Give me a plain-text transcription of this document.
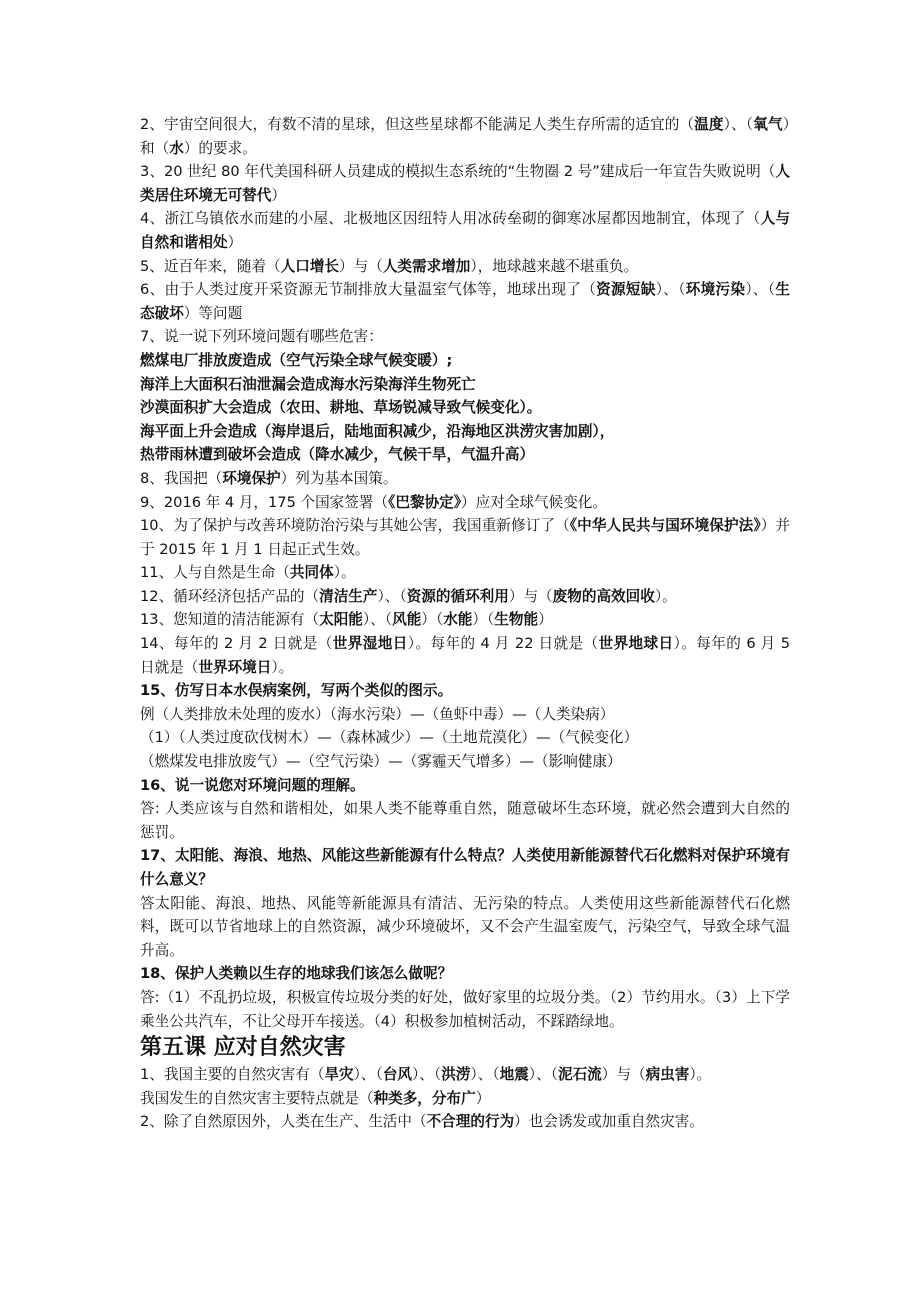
2、宇宙空间很大，有数不清的星球，但这些星球都不能满足人类生存所需的适宜的（温度）、（氧气）和（水）的要求。

3、20 世纪 80 年代美国科研人员建成的模拟生态系统的“生物圈 2 号”建成后一年宣告失败说明（人类居住环境无可替代）

4、浙江乌镇依水而建的小屋、北极地区因纽特人用冰砖垒砌的御寒冰屋都因地制宜，体现了（人与自然和谐相处）

5、近百年来，随着（人口增长）与（人类需求增加），地球越来越不堪重负。

6、由于人类过度开采资源无节制排放大量温室气体等，地球出现了（资源短缺）、（环境污染）、（生态破坏）等问题

7、说一说下列环境问题有哪些危害：

燃煤电厂排放废造成（空气污染全球气候变暖）;

海洋上大面积石油泄漏会造成海水污染海洋生物死亡

沙漠面积扩大会造成（农田、耕地、草场锐减导致气候变化）。

海平面上升会造成（海岸退后，陆地面积减少，沿海地区洪涝灾害加剧），

热带雨林遭到破坏会造成（降水减少，气候干旱，气温升高）

8、我国把（环境保护）列为基本国策。

9、2016 年 4 月，175 个国家签署（《巴黎协定》）应对全球气候变化。

10、为了保护与改善环境防治污染与其她公害，我国重新修订了（《中华人民共与国环境保护法》）并于 2015 年 1 月 1 日起正式生效。

11、人与自然是生命（共同体）。

12、循环经济包括产品的（清洁生产）、（资源的循环利用）与（废物的高效回收）。

13、您知道的清洁能源有（太阳能）、（风能）（水能）（生物能）

14、每年的 2 月 2 日就是（世界湿地日）。每年的 4 月 22 日就是（世界地球日）。每年的 6 月 5 日就是（世界环境日）。

15、仿写日本水俣病案例，写两个类似的图示。

例（人类排放未处理的废水）（海水污染）—（鱼虾中毒）—（人类染病）

（1）（人类过度砍伐树木）—（森林减少）—（土地荒漠化）—（气候变化）

（燃煤发电排放废气）—（空气污染）—（雾霾天气增多）—（影响健康）

16、说一说您对环境问题的理解。

答: 人类应该与自然和谐相处，如果人类不能尊重自然，随意破坏生态环境，就必然会遭到大自然的惩罚。

17、太阳能、海浪、地热、风能这些新能源有什么特点？人类使用新能源替代石化燃料对保护环境有什么意义？

答太阳能、海浪、地热、风能等新能源具有清洁、无污染的特点。人类使用这些新能源替代石化燃料，既可以节省地球上的自然资源，减少环境破坏，又不会产生温室废气，污染空气，导致全球气温升高。

18、保护人类赖以生存的地球我们该怎么做呢？

答:（1）不乱扔垃圾，积极宣传垃圾分类的好处，做好家里的垃圾分类。（2）节约用水。（3）上下学乘坐公共汽车，不让父母开车接送。（4）积极参加植树活动，不踩踏绿地。

第五课 应对自然灾害

1、我国主要的自然灾害有（旱灾）、（台风）、（洪涝）、（地震）、（泥石流）与（病虫害）。

我国发生的自然灾害主要特点就是（种类多，分布广）

2、除了自然原因外，人类在生产、生活中（不合理的行为）也会诱发或加重自然灾害。
